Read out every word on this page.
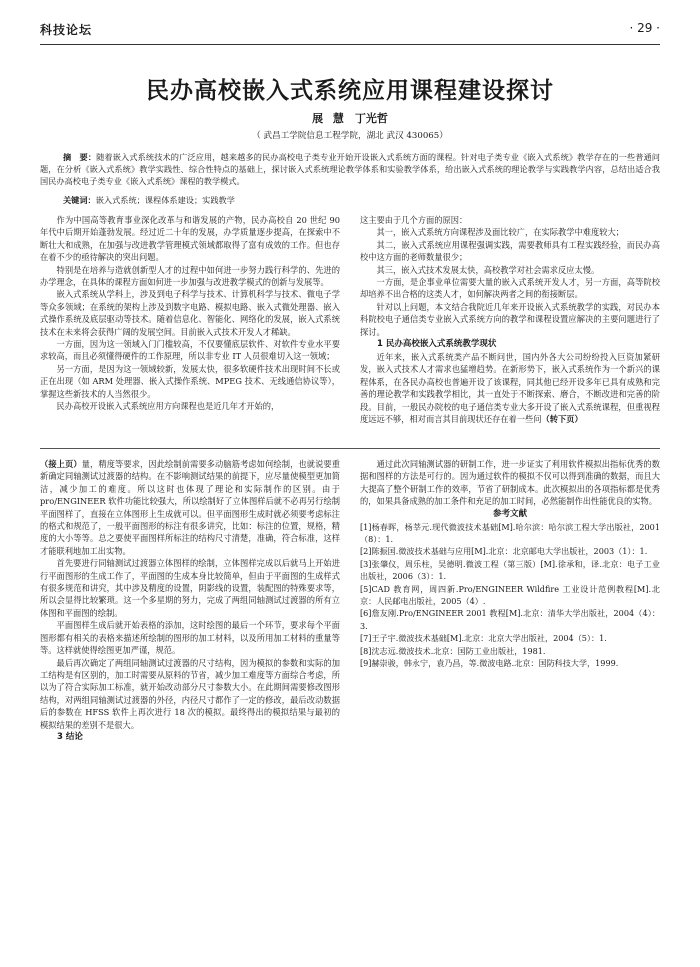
科技论坛	· 29 ·
民办高校嵌入式系统应用课程建设探讨
展 慧　丁光哲
（ 武昌工学院信息工程学院，湖北 武汉 430065）
摘　要：随着嵌入式系统技术的广泛应用，越来越多的民办高校电子类专业开始开设嵌入式系统方面的课程。针对电子类专业《嵌入式系统》教学存在的一些普通问题，在分析《嵌入式系统》教学实践性、综合性特点的基础上，探讨嵌入式系统理论教学体系和实验教学体系，给出嵌入式系统的理论教学与实践教学内容，总结出适合我国民办高校电子类专业《嵌入式系统》课程的教学模式。
关键词：嵌入式系统；课程体系建设；实践教学

作为中国高等教育事业深化改革与和谐发展的产物，民办高校自 20 世纪 90 年代中后期开始蓬勃发展。经过近二十年的发展，办学质量逐步提高，在探索中不断壮大和成熟，在加强与改进教学管理模式领域都取得了富有成效的工作。但也存在着不少的亟待解决的突出问题。

特别是在培养与造就创新型人才的过程中如何进一步努力践行科学的、先进的办学理念，在具体的课程方面如何进一步加强与改进教学模式的创新与发展等。

嵌入式系统从学科上，涉及到电子科学与技术、计算机科学与技术、微电子学等众多领域；在系统的架构上涉及到数字电路、模拟电路、嵌入式微处理器、嵌入式操作系统及底层驱动等技术。随着信息化、智能化、网络化的发展，嵌入式系统技术在未来将会获得广阔的发展空间。目前嵌入式技术开发人才稀缺。

一方面，因为这一领域入门门槛较高，不仅要懂底层软件、对软件专业水平要求较高，而且必须懂得硬件的工作原理，所以非专业 IT 人员很难切入这一领域；

另一方面，是因为这一领域较新，发展太快，很多软硬件技术出现时间不长或正在出现（如 ARM 处理器、嵌入式操作系统、MPEG 技术、无线通信协议等），掌握这些新技术的人当然很少。

民办高校开设嵌入式系统应用方向课程也是近几年才开始的，

这主要由于几个方面的原因：

其一，嵌入式系统方向课程涉及面比较广，在实际教学中难度较大；

其二，嵌入式系统应用课程强调实践，需要教师具有工程实践经验，而民办高校中这方面的老师数量很少；

其三，嵌入式技术发展太快，高校教学对社会需求反应太慢。

一方面，是企事业单位需要大量的嵌入式系统开发人才，另一方面，高等院校却培养不出合格的这类人才，如何解决两者之间的衔接断层。

针对以上问题，本文结合我院近几年来开设嵌入式系统教学的实践，对民办本科院校电子通信类专业嵌入式系统方向的教学和课程设置应解决的主要问题进行了探讨。

1 民办高校嵌入式系统教学现状

近年来，嵌入式系统类产品不断问世，国内外各大公司纷纷投入巨资加紧研发，嵌入式技术人才需求也猛增趋势。在新形势下，嵌入式系统作为一个新兴的课程体系，在各民办高校也普遍开设了该课程，同其他已经开设多年已具有成熟和完善的理论教学和实践教学相比，其一直处于不断探索、磨合，不断改进和完善的阶段。目前，一般民办院校的电子通信类专业大多开设了嵌入式系统课程，但重视程度远远不够，相对而言其目前现状还存在着一些问（转下页）

（接上页）量，精度等要求，因此绘制前需要多动脑筋考虑如何绘制，也就说要重新确定同轴测试过渡器的结构。在不影响测试结果的前提下，应尽量使模型更加简洁，减少加工的难度。所以这时也体现了理论和实际制作的区别。由于 pro/ENGINEER 软件功能比较强大，所以绘制好了立体图样后就不必再另行绘制平面图样了，直接在立体图形上生成就可以。但平面图形生成时就必须要考虑标注的格式和规范了，一般平面图形的标注有很多讲究，比如：标注的位置，规格，精度的大小等等。总之要使平面图样所标注的结构尺寸清楚，准确，符合标准，这样才能联利地加工出实物。

首先要进行同轴测试过渡器立体图样的绘制，立体图样完成以后就马上开始进行平面图形的生成工作了，平面图的生成本身比较简单，但由于平面图的生成样式有很多规范和讲究，其中涉及精度的设置，阴影线的设置，装配图的特殊要求等，所以会显得比较繁琐。这一个多星期的努力，完成了两组同轴测试过渡器的所有立体图和平面图的绘制。

平面图样生成后就开始表格的添加，这时绘图的最后一个环节，要求每个平面图形都有相关的表格来描述所绘制的图形的加工材料，以及所用加工材料的重量等等。这样就使得绘图更加严谨，规范。

最后再次确定了两组同轴测试过渡器的尺寸结构，因为模拟的参数和实际的加工结构是有区别的，加工时需要从原料的节省，减少加工难度等方面综合考虑，所以为了符合实际加工标准，就开始改动部分尺寸参数大小。在此期间需要修改图形结构，对两组同轴测试过渡器的外径，内径尺寸都作了一定的修改，最后改动数据后的参数在 HFSS 软件上再次进行 18 次的模拟。最终得出的模拟结果与最初的模拟结果的差别不是很大。

3 结论

通过此次同轴测试器的研制工作，进一步证实了利用软件模拟出指标优秀的数据和图样的方法是可行的。因为通过软件的模拟不仅可以得到准确的数据，而且大大提高了整个研制工作的效率，节省了研制成本。此次模拟出的各项指标都是优秀的，如果具备成熟的加工条件和充足的加工时间，必然能制作出性能优良的实物。

参考文献

[1]杨春晖，杨莘元.现代微波技术基础[M].哈尔滨：哈尔滨工程大学出版社，2001（8）：1.

[2]陈振国.微波技术基础与应用[M].北京：北京邮电大学出版社，2003（1）：1.

[3]张肇仪，周乐柱，吴德明.微波工程（第三版）[M].徐承和，译.北京：电子工业出版社，2006（3）：1.

[5]CAD 教育网，周四新.Pro/ENGINEER Wildfire 工业设计范例教程[M].北京：人民邮电出版社，2005（4）.

[6]詹友刚.Pro/ENGINEER 2001 教程[M].北京：清华大学出版社，2004（4）：3.

[7]王子宇.微波技术基础[M].北京：北京大学出版社，2004（5）：1.

[8]沈志远.微波技术.北京：国防工业出版社，1981.

[9]赫崇骏，韩永宁，袁乃昌，等.微波电路.北京：国防科技大学，1999.
